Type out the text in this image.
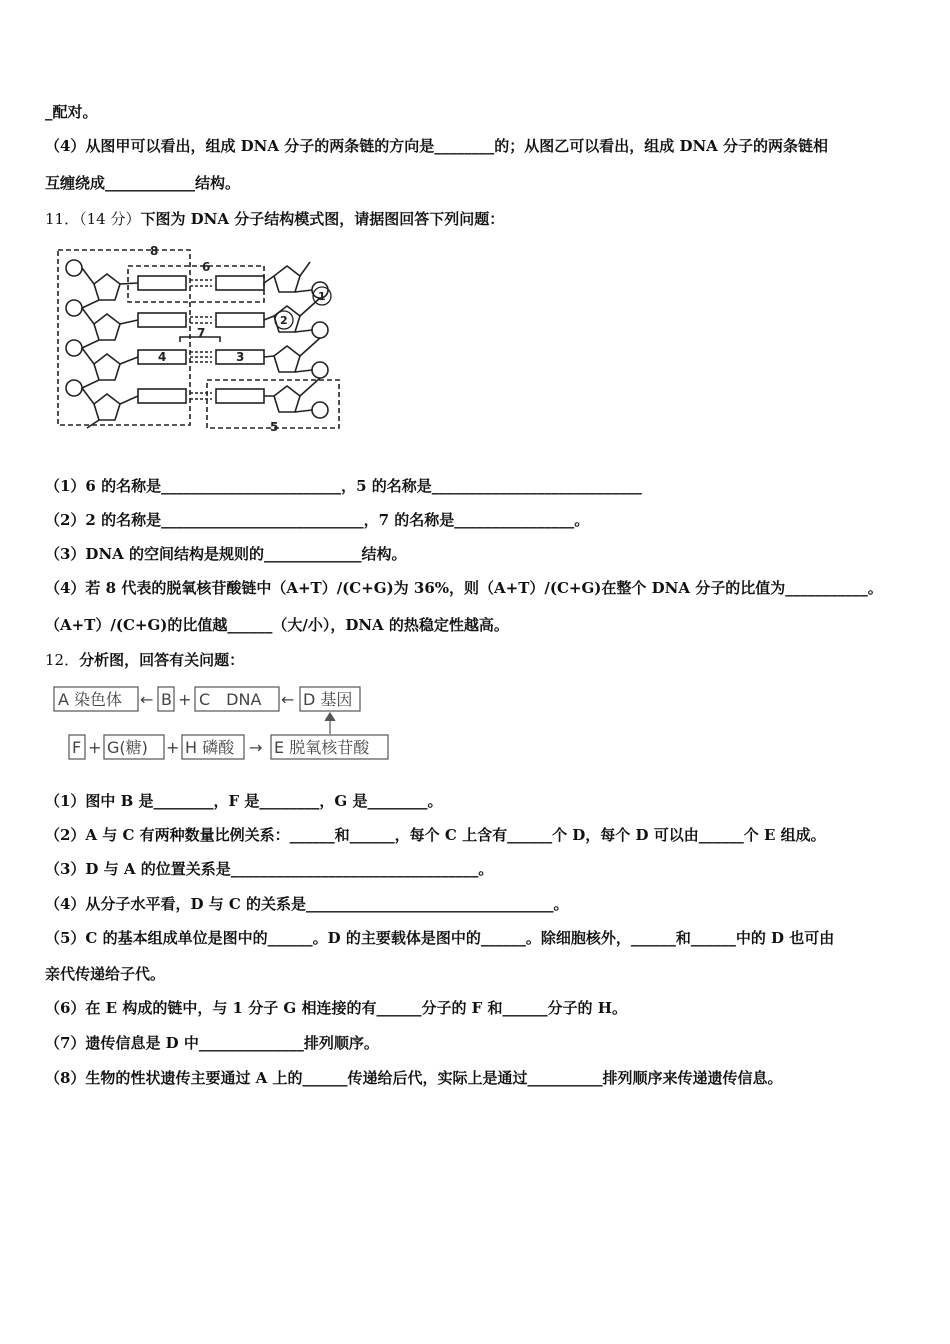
_配对。
（4）从图甲可以看出，组成 DNA 分子的两条链的方向是________的；从图乙可以看出，组成 DNA 分子的两条链相
互缠绕成____________结构。
11．（14 分）下图为 DNA 分子结构模式图，请据图回答下列问题：
8
6
1
2
7
4	3
5
（1）6 的名称是________________________，5 的名称是____________________________
（2）2 的名称是___________________________，7 的名称是________________。
（3）DNA 的空间结构是规则的_____________结构。
（4）若 8 代表的脱氧核苷酸链中（A+T）/(C+G)为 36%，则（A+T）/(C+G)在整个 DNA 分子的比值为___________。
（A+T）/(C+G)的比值越______（大/小），DNA 的热稳定性越高。
12．分析图，回答有关问题：
A 染色体 ← B + C　DNA ← D 基因
F + G(糖) + H 磷酸 → E 脱氧核苷酸
（1）图中 B 是________，F 是________，G 是________。
（2）A 与 C 有两种数量比例关系：______和______，每个 C 上含有______个 D，每个 D 可以由______个 E 组成。
（3）D 与 A 的位置关系是_________________________________。
（4）从分子水平看，D 与 C 的关系是_________________________________。
（5）C 的基本组成单位是图中的______。D 的主要载体是图中的______。除细胞核外，______和______中的 D 也可由
亲代传递给子代。
（6）在 E 构成的链中，与 1 分子 G 相连接的有______分子的 F 和______分子的 H。
（7）遗传信息是 D 中______________排列顺序。
（8）生物的性状遗传主要通过 A 上的______传递给后代，实际上是通过__________排列顺序来传递遗传信息。
